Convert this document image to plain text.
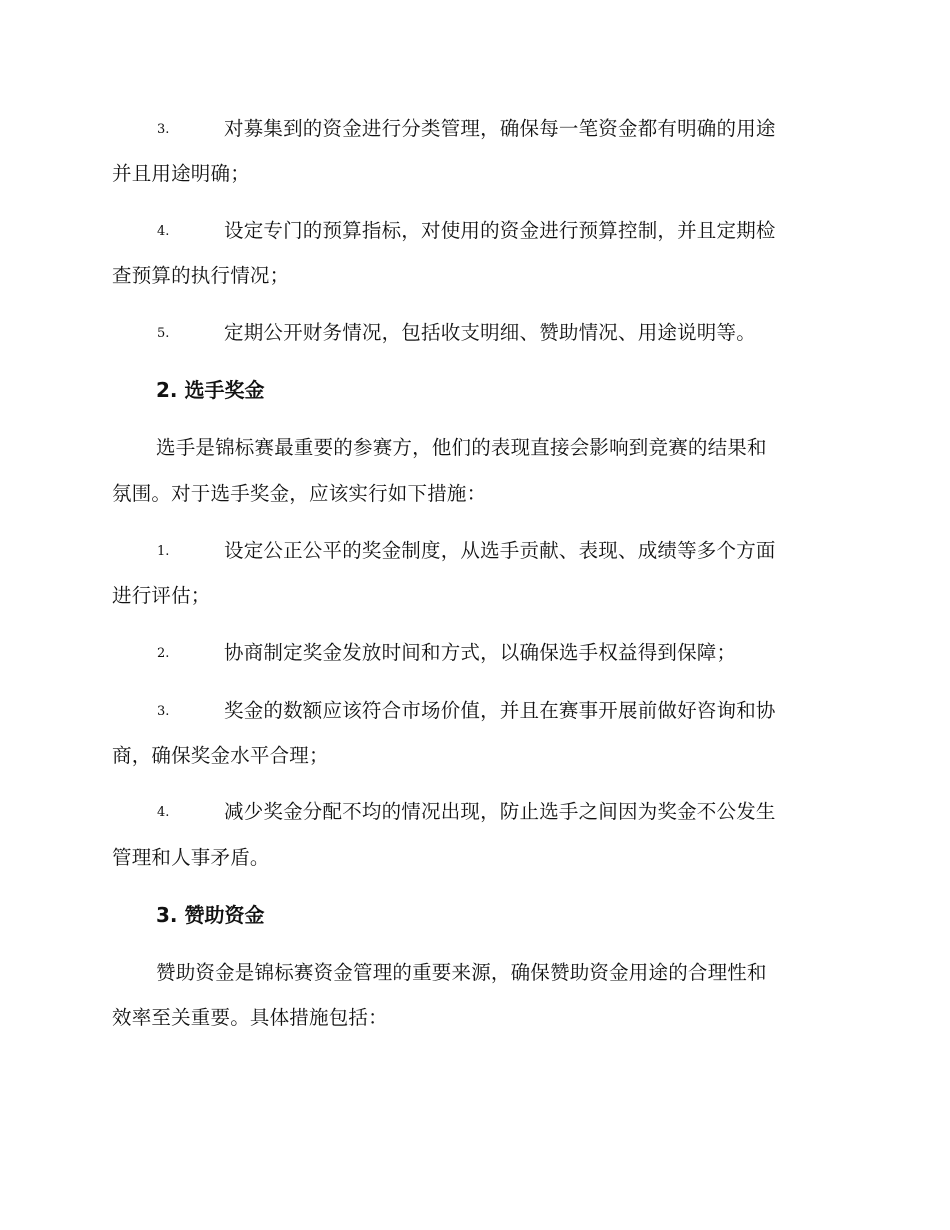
3.	对募集到的资金进行分类管理，确保每一笔资金都有明确的用途
并且用途明确；
4.	设定专门的预算指标，对使用的资金进行预算控制，并且定期检
查预算的执行情况；
5.	定期公开财务情况，包括收支明细、赞助情况、用途说明等。
2. 选手奖金
选手是锦标赛最重要的参赛方，他们的表现直接会影响到竞赛的结果和
氛围。对于选手奖金，应该实行如下措施：
1.	设定公正公平的奖金制度，从选手贡献、表现、成绩等多个方面
进行评估；
2.	协商制定奖金发放时间和方式，以确保选手权益得到保障；
3.	奖金的数额应该符合市场价值，并且在赛事开展前做好咨询和协
商，确保奖金水平合理；
4.	减少奖金分配不均的情况出现，防止选手之间因为奖金不公发生
管理和人事矛盾。
3. 赞助资金
赞助资金是锦标赛资金管理的重要来源，确保赞助资金用途的合理性和
效率至关重要。具体措施包括：
